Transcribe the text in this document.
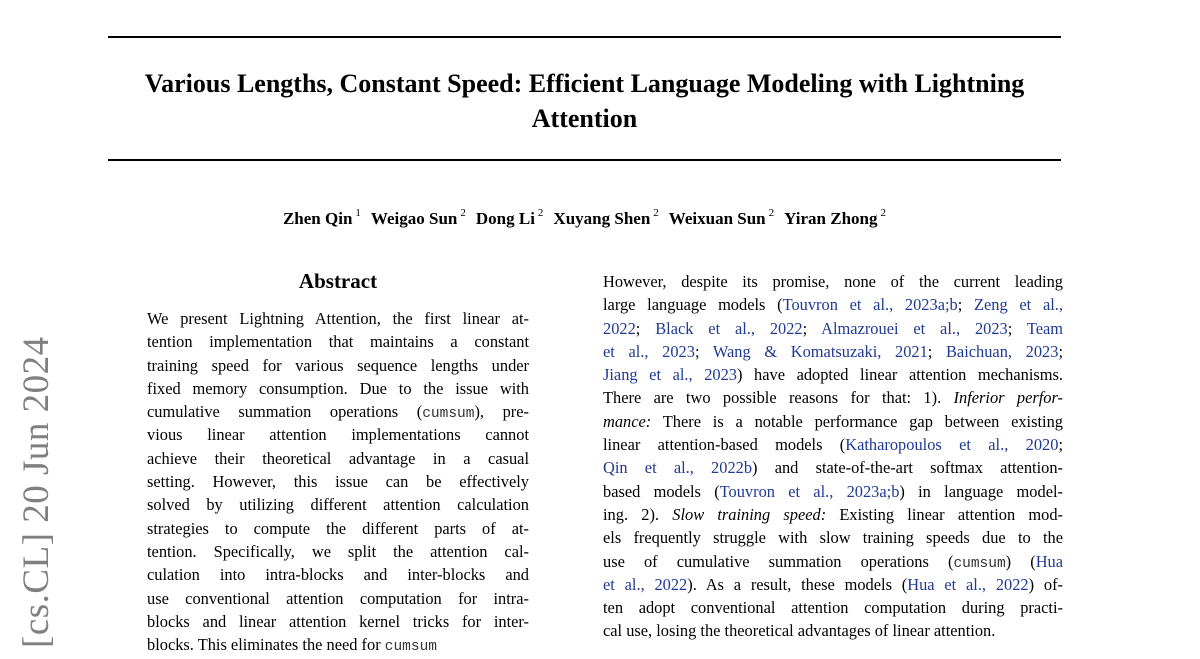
Various Lengths, Constant Speed: Efficient Language Modeling with Lightning
Attention
Zhen Qin $^1$ Weigao Sun $^2$ Dong Li $^2$ Xuyang Shen $^2$ Weixuan Sun $^2$ Yiran Zhong $^2$
[cs.CL] 20 Jun 2024
Abstract
We present Lightning Attention, the first linear at-
tention implementation that maintains a constant
training speed for various sequence lengths under
fixed memory consumption. Due to the issue with
cumulative summation operations (cumsum), pre-
vious linear attention implementations cannot
achieve their theoretical advantage in a casual
setting. However, this issue can be effectively
solved by utilizing different attention calculation
strategies to compute the different parts of at-
tention. Specifically, we split the attention cal-
culation into intra-blocks and inter-blocks and
use conventional attention computation for intra-
blocks and linear attention kernel tricks for inter-
blocks. This eliminates the need for cumsum
However, despite its promise, none of the current leading
large language models (Touvron et al., 2023a;b; Zeng et al.,
2022; Black et al., 2022; Almazrouei et al., 2023; Team
et al., 2023; Wang & Komatsuzaki, 2021; Baichuan, 2023;
Jiang et al., 2023) have adopted linear attention mechanisms.
There are two possible reasons for that: 1). Inferior perfor-
mance: There is a notable performance gap between existing
linear attention-based models (Katharopoulos et al., 2020;
Qin et al., 2022b) and state-of-the-art softmax attention-
based models (Touvron et al., 2023a;b) in language model-
ing. 2). Slow training speed: Existing linear attention mod-
els frequently struggle with slow training speeds due to the
use of cumulative summation operations (cumsum) (Hua
et al., 2022). As a result, these models (Hua et al., 2022) of-
ten adopt conventional attention computation during practi-
cal use, losing the theoretical advantages of linear attention.
